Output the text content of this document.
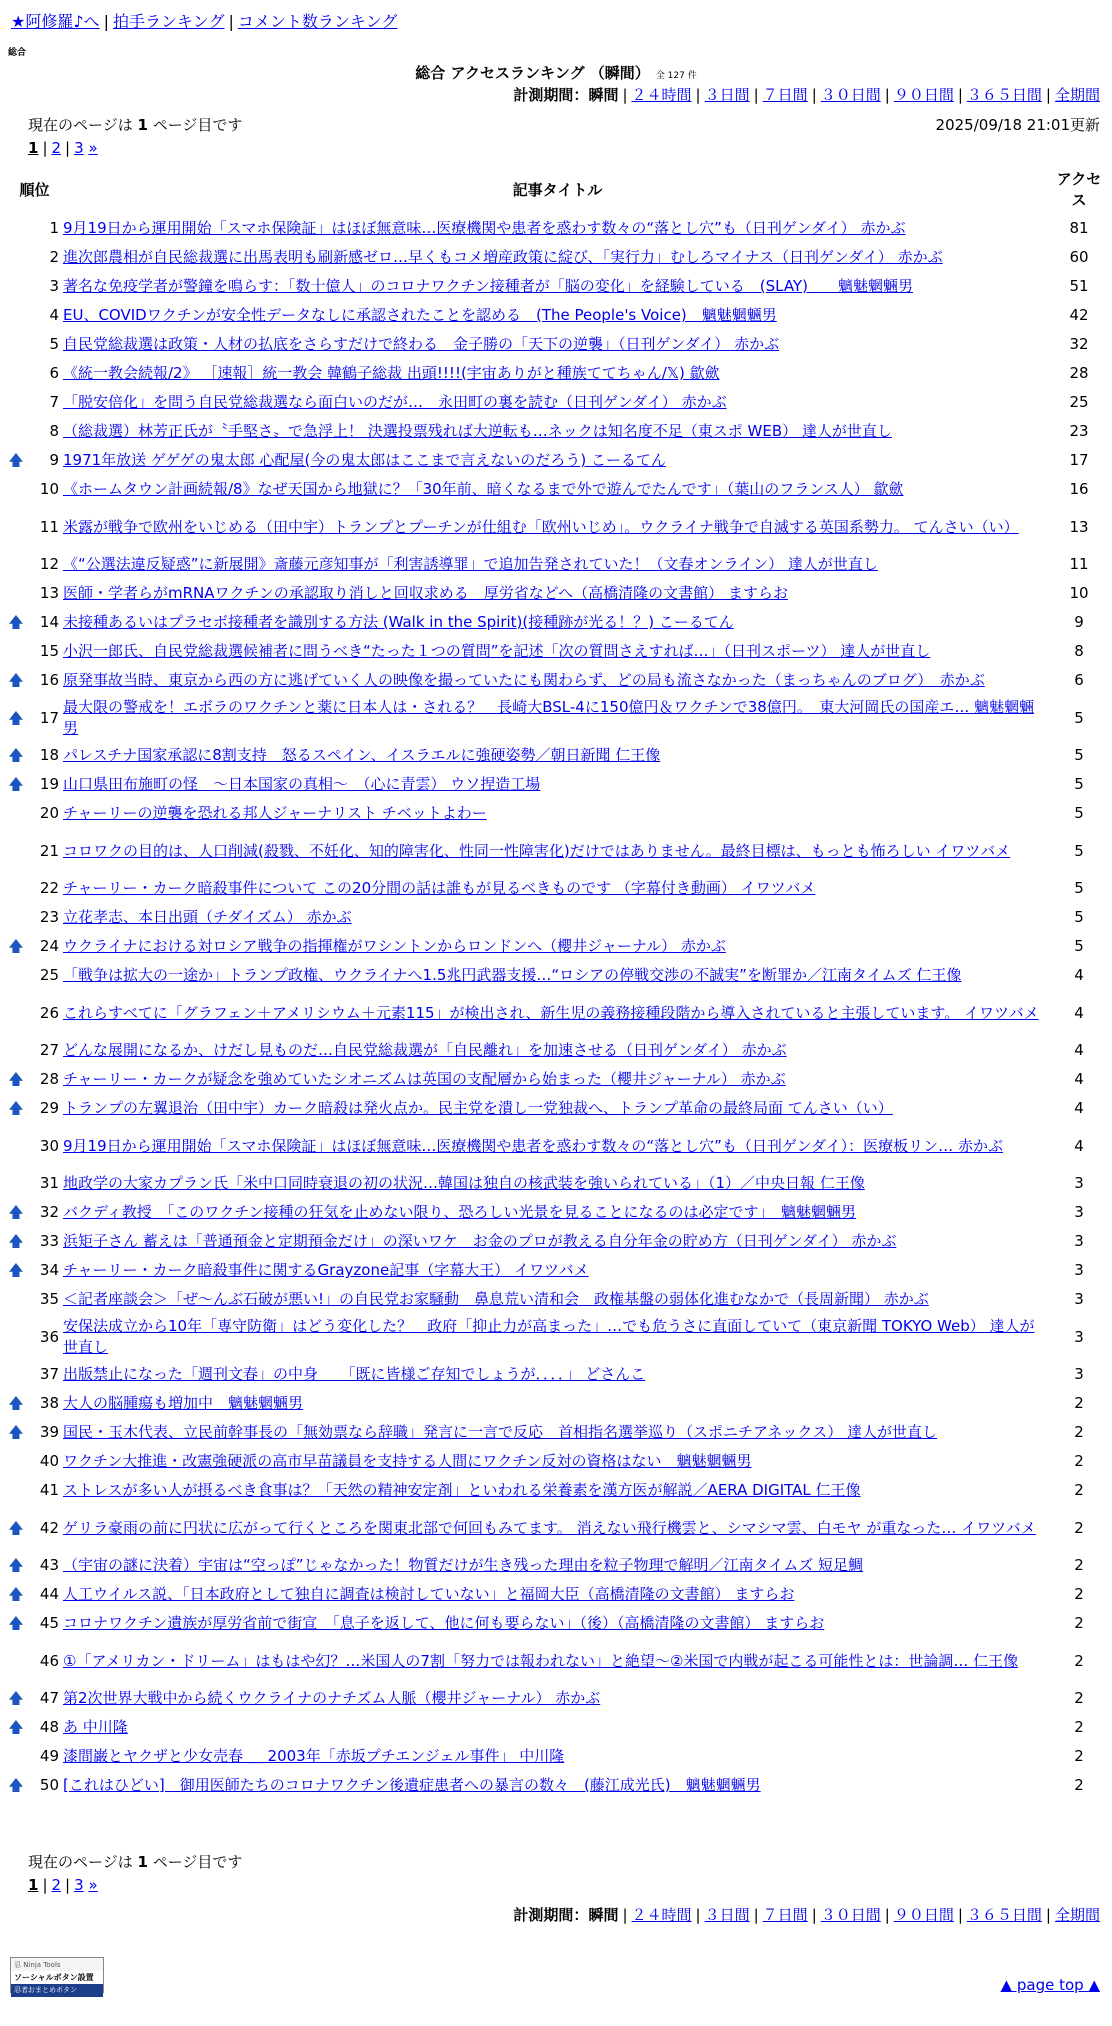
★阿修羅♪へ | 拍手ランキング | コメント数ランキング
総合
総合 アクセスランキング （瞬間） 全 127 件
計測期間：瞬間 | ２４時間 | ３日間 | ７日間 | ３０日間 | ９０日間 | ３６５日間 | 全期間
現在のページは 1 ページ目です	2025/09/18 21:01更新
1 | 2 | 3 »
順位		記事タイトル	アクセス
	1	9月19日から運用開始「スマホ保険証」はほぼ無意味…医療機関や患者を惑わす数々の“落とし穴”も（日刊ゲンダイ） 赤かぶ	81
	2	進次郎農相が自民総裁選に出馬表明も刷新感ゼロ…早くもコメ増産政策に綻び、「実行力」むしろマイナス（日刊ゲンダイ） 赤かぶ	60
	3	著名な免疫学者が警鐘を鳴らす：「数十億人」のコロナワクチン接種者が「脳の変化」を経験している　(SLAY)　　魑魅魍魎男	51
	4	EU、COVIDワクチンが安全性データなしに承認されたことを認める　(The People's Voice)　魑魅魍魎男	42
	5	自民党総裁選は政策・人材の払底をさらすだけで終わる　金子勝の「天下の逆襲」（日刊ゲンダイ） 赤かぶ	32
	6	《統一教会続報/2》 ［速報］統一教会 韓鶴子総裁 出頭!!!!(宇宙ありがと種族ててちゃん/𝕏) 歙歛	28
	7	「脱安倍化」を問う自民党総裁選なら面白いのだが…　永田町の裏を読む（日刊ゲンダイ） 赤かぶ	25
	8	（総裁選）林芳正氏が〝手堅さ〟で急浮上！ 決選投票残れば大逆転も…ネックは知名度不足（東スポ WEB） 達人が世直し	23
🡅	9	1971年放送 ゲゲゲの鬼太郎 心配屋(今の鬼太郎はここまで言えないのだろう) こーるてん	17
	10	《ホームタウン計画続報/8》なぜ天国から地獄に？「30年前、暗くなるまで外で遊んでたんです」（葉山のフランス人） 歙歛	16
	11	米露が戦争で欧州をいじめる（田中宇）トランプとプーチンが仕組む「欧州いじめ」。ウクライナ戦争で自滅する英国系勢力。 てんさい（い）	13
	12	《“公選法違反疑惑”に新展開》斎藤元彦知事が「利害誘導罪」で追加告発されていた！（文春オンライン） 達人が世直し	11
	13	医師・学者らがmRNAワクチンの承認取り消しと回収求める　厚労省などへ（高橋清隆の文書館） ますらお	10
🡅	14	未接種あるいはプラセボ接種者を識別する方法 (Walk in the Spirit)(接種跡が光る！？) こーるてん	9
	15	小沢一郎氏、自民党総裁選候補者に問うべき“たった１つの質問”を記述「次の質問さえすれば…」（日刊スポーツ） 達人が世直し	8
🡅	16	原発事故当時、東京から西の方に逃げていく人の映像を撮っていたにも関わらず、どの局も流さなかった（まっちゃんのブログ）　赤かぶ	6
🡅	17	最大限の警戒を！エボラのワクチンと薬に日本人は・される？　長崎大BSL-4に150億円＆ワクチンで38億円。　東大河岡氏の国産エ… 魑魅魍魎男	5
🡅	18	パレスチナ国家承認に8割支持　怒るスペイン、イスラエルに強硬姿勢／朝日新聞 仁王像	5
🡅	19	山口県田布施町の怪　～日本国家の真相～　（心に青雲） ウソ捏造工場	5
	20	チャーリーの逆襲を恐れる邦人ジャーナリスト チベットよわー	5
	21	コロワクの目的は、人口削減(殺戮、不妊化、知的障害化、性同一性障害化)だけではありません。最終目標は、もっとも怖ろしい イワツバメ	5
	22	チャーリー・カーク暗殺事件について この20分間の話は誰もが見るべきものです （字幕付き動画） イワツバメ	5
	23	立花孝志、本日出頭（チダイズム） 赤かぶ	5
🡅	24	ウクライナにおける対ロシア戦争の指揮権がワシントンからロンドンへ（櫻井ジャーナル） 赤かぶ	5
	25	「戦争は拡大の一途か」トランプ政権、ウクライナへ1.5兆円武器支援…“ロシアの停戦交渉の不誠実”を断罪か／江南タイムズ 仁王像	4
	26	これらすべてに「グラフェン＋アメリシウム＋元素115」が検出され、新生児の義務接種段階から導入されていると主張しています。 イワツバメ	4
	27	どんな展開になるか、けだし見ものだ…自民党総裁選が「自民離れ」を加速させる（日刊ゲンダイ） 赤かぶ	4
🡅	28	チャーリー・カークが疑念を強めていたシオニズムは英国の支配層から始まった（櫻井ジャーナル） 赤かぶ	4
🡅	29	トランプの左翼退治（田中宇）カーク暗殺は発火点か。民主党を潰し一党独裁へ、トランプ革命の最終局面 てんさい（い）	4
	30	9月19日から運用開始「スマホ保険証」はほぼ無意味…医療機関や患者を惑わす数々の“落とし穴”も（日刊ゲンダイ）：医療板リン… 赤かぶ	4
	31	地政学の大家カプラン氏「米中口同時衰退の初の状況…韓国は独自の核武装を強いられている」（1）／中央日報 仁王像	3
🡅	32	バクディ教授　「このワクチン接種の狂気を止めない限り、恐ろしい光景を見ることになるのは必定です」　魑魅魍魎男	3
🡅	33	浜矩子さん 蓄えは「普通預金と定期預金だけ」の深いワケ　お金のプロが教える自分年金の貯め方（日刊ゲンダイ） 赤かぶ	3
🡅	34	チャーリー・カーク暗殺事件に関するGrayzone記事（字幕大王） イワツバメ	3
	35	＜記者座談会＞「ぜ～んぶ石破が悪い!」の自民党お家騒動　鼻息荒い清和会　政権基盤の弱体化進むなかで（長周新聞） 赤かぶ	3
	36	安保法成立から10年「専守防衛」はどう変化した？　政府「抑止力が高まった」…でも危うさに直面していて（東京新聞 TOKYO Web） 達人が世直し	3
	37	出版禁止になった「週刊文春」の中身　　「既に皆様ご存知でしょうが．．．．」 どさんこ	3
🡅	38	大人の脳腫瘍も増加中　魑魅魍魎男	2
🡅	39	国民・玉木代表、立民前幹事長の「無効票なら辞職」発言に一言で反応　首相指名選挙巡り（スポニチアネックス） 達人が世直し	2
	40	ワクチン大推進・改憲強硬派の高市早苗議員を支持する人間にワクチン反対の資格はない　魑魅魍魎男	2
	41	ストレスが多い人が摂るべき食事は？「天然の精神安定剤」といわれる栄養素を漢方医が解説／AERA DIGITAL 仁王像	2
🡅	42	ゲリラ豪雨の前に円状に広がって行くところを関東北部で何回もみてます。 消えない飛行機雲と、シマシマ雲、白モヤ が重なった… イワツバメ	2
🡅	43	（宇宙の謎に決着）宇宙は“空っぽ”じゃなかった！物質だけが生き残った理由を粒子物理で解明／江南タイムズ 短足鯛	2
🡅	44	人工ウイルス説、「日本政府として独自に調査は検討していない」と福岡大臣（高橋清隆の文書館） ますらお	2
🡅	45	コロナワクチン遺族が厚労省前で街宣　「息子を返して、他に何も要らない」（後）（高橋清隆の文書館） ますらお	2
	46	①「アメリカン・ドリーム」はもはや幻？…米国人の7割「努力では報われない」と絶望～②米国で内戦が起こる可能性とは：世論調… 仁王像	2
🡅	47	第2次世界大戦中から続くウクライナのナチズム人脈（櫻井ジャーナル） 赤かぶ	2
🡅	48	あ 中川隆	2
	49	漆間巌とヤクザと少女売春 ＿ 2003年「赤坂プチエンジェル事件」 中川隆	2
🡅	50	[これはひどい]　御用医師たちのコロナワクチン後遺症患者への暴言の数々　(藤江成光氏)　魑魅魍魎男	2
現在のページは 1 ページ目です
1 | 2 | 3 »
計測期間：瞬間 | ２４時間 | ３日間 | ７日間 | ３０日間 | ９０日間 | ３６５日間 | 全期間
忍 Ninja Tools
ソーシャルボタン設置
忍者おまとめボタン	▲ page top ▲
